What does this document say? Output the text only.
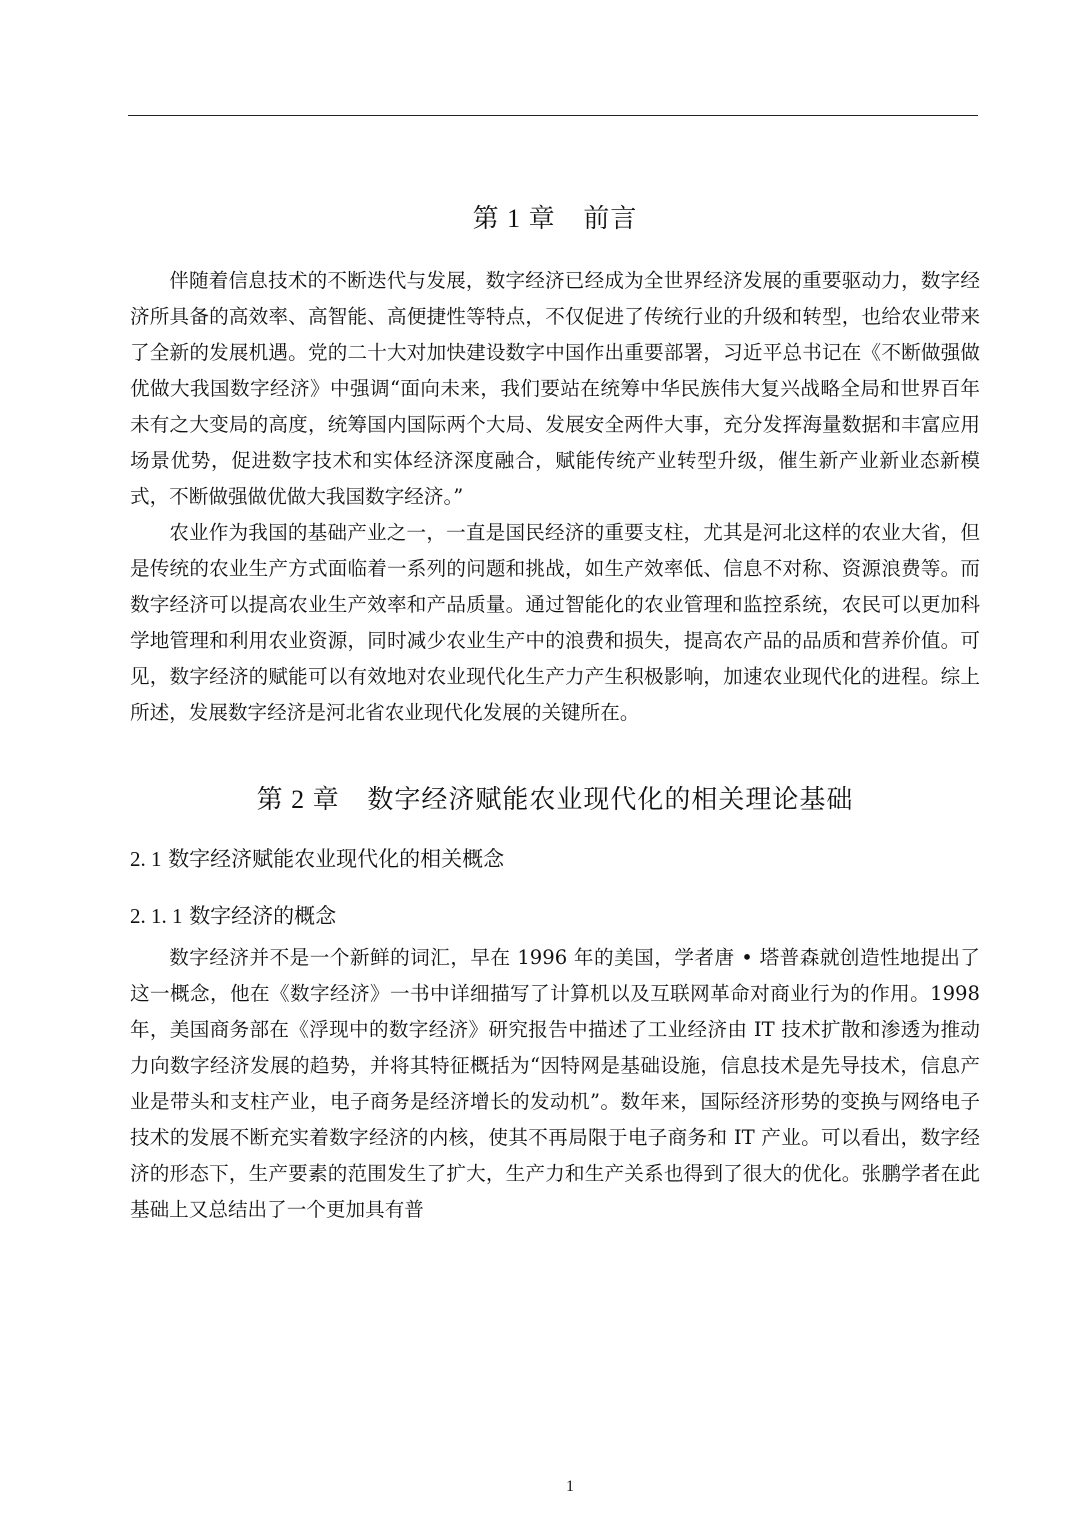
第 1 章 前言

伴随着信息技术的不断迭代与发展，数字经济已经成为全世界经济发展的重要驱动力，数字经济所具备的高效率、高智能、高便捷性等特点，不仅促进了传统行业的升级和转型，也给农业带来了全新的发展机遇。党的二十大对加快建设数字中国作出重要部署，习近平总书记在《不断做强做优做大我国数字经济》中强调“面向未来，我们要站在统筹中华民族伟大复兴战略全局和世界百年未有之大变局的高度，统筹国内国际两个大局、发展安全两件大事，充分发挥海量数据和丰富应用场景优势，促进数字技术和实体经济深度融合，赋能传统产业转型升级，催生新产业新业态新模式，不断做强做优做大我国数字经济。”

农业作为我国的基础产业之一，一直是国民经济的重要支柱，尤其是河北这样的农业大省，但是传统的农业生产方式面临着一系列的问题和挑战，如生产效率低、信息不对称、资源浪费等。而数字经济可以提高农业生产效率和产品质量。通过智能化的农业管理和监控系统，农民可以更加科学地管理和利用农业资源，同时减少农业生产中的浪费和损失，提高农产品的品质和营养价值。可见，数字经济的赋能可以有效地对农业现代化生产力产生积极影响，加速农业现代化的进程。综上所述，发展数字经济是河北省农业现代化发展的关键所在。

第 2 章 数字经济赋能农业现代化的相关理论基础
2. 1 数字经济赋能农业现代化的相关概念
2. 1. 1 数字经济的概念

数字经济并不是一个新鲜的词汇，早在 1996 年的美国，学者唐 • 塔普森就创造性地提出了这一概念，他在《数字经济》一书中详细描写了计算机以及互联网革命对商业行为的作用。1998 年，美国商务部在《浮现中的数字经济》研究报告中描述了工业经济由 IT 技术扩散和渗透为推动力向数字经济发展的趋势，并将其特征概括为“因特网是基础设施，信息技术是先导技术，信息产业是带头和支柱产业，电子商务是经济增长的发动机”。数年来，国际经济形势的变换与网络电子技术的发展不断充实着数字经济的内核，使其不再局限于电子商务和 IT 产业。可以看出，数字经济的形态下，生产要素的范围发生了扩大，生产力和生产关系也得到了很大的优化。张鹏学者在此基础上又总结出了一个更加具有普

1
